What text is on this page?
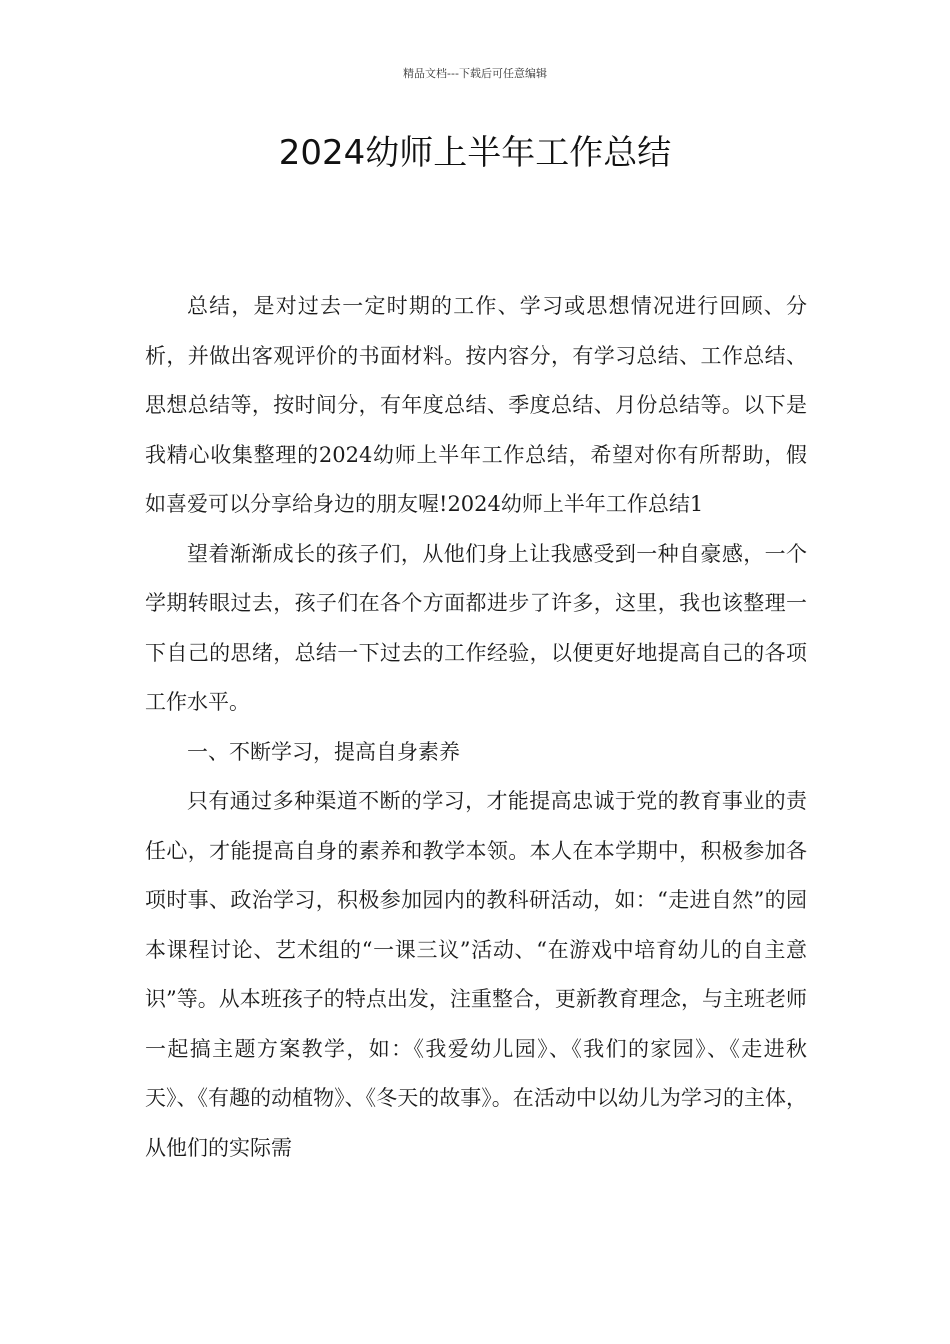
精品文档---下载后可任意编辑
2024幼师上半年工作总结

总结，是对过去一定时期的工作、学习或思想情况进行回顾、分析，并做出客观评价的书面材料。按内容分，有学习总结、工作总结、思想总结等，按时间分，有年度总结、季度总结、月份总结等。以下是我精心收集整理的2024幼师上半年工作总结，希望对你有所帮助，假如喜爱可以分享给身边的朋友喔!2024幼师上半年工作总结1

望着渐渐成长的孩子们，从他们身上让我感受到一种自豪感，一个学期转眼过去，孩子们在各个方面都进步了许多，这里，我也该整理一下自己的思绪，总结一下过去的工作经验，以便更好地提高自己的各项工作水平。

一、不断学习，提高自身素养

只有通过多种渠道不断的学习，才能提高忠诚于党的教育事业的责任心，才能提高自身的素养和教学本领。本人在本学期中，积极参加各项时事、政治学习，积极参加园内的教科研活动，如：“走进自然”的园本课程讨论、艺术组的“一课三议”活动、“在游戏中培育幼儿的自主意识”等。从本班孩子的特点出发，注重整合，更新教育理念，与主班老师一起搞主题方案教学，如：《我爱幼儿园》、《我们的家园》、《走进秋天》、《有趣的动植物》、《冬天的故事》。在活动中以幼儿为学习的主体，从他们的实际需
